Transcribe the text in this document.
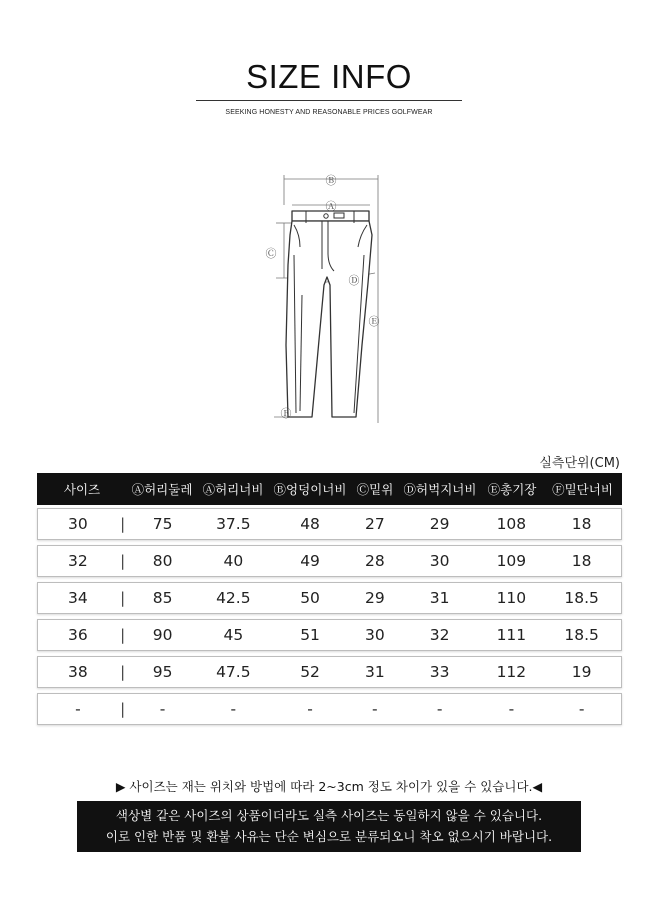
SIZE INFO
SEEKING HONESTY AND REASONABLE PRICES GOLFWEAR
Ⓑ
Ⓐ
Ⓒ
Ⓓ
Ⓔ
Ⓕ
실측단위(CM)
사이즈	Ⓐ허리둘레 Ⓐ허리너비 Ⓑ엉덩이너비 Ⓒ밑위 Ⓓ허벅지너비 Ⓔ총기장	Ⓕ밑단너비
30	|	75	37.5	48	27	29	108	18
32	|	80	40	49	28	30	109	18
34	|	85	42.5	50	29	31	110	18.5
36	|	90	45	51	30	32	111	18.5
38	|	95	47.5	52	31	33	112	19
-	|	-	-	-	-	-	-	-
▶ 사이즈는 재는 위치와 방법에 따라 2~3cm 정도 차이가 있을 수 있습니다.◀
색상별 같은 사이즈의 상품이더라도 실측 사이즈는 동일하지 않을 수 있습니다.
이로 인한 반품 및 환불 사유는 단순 변심으로 분류되오니 착오 없으시기 바랍니다.
